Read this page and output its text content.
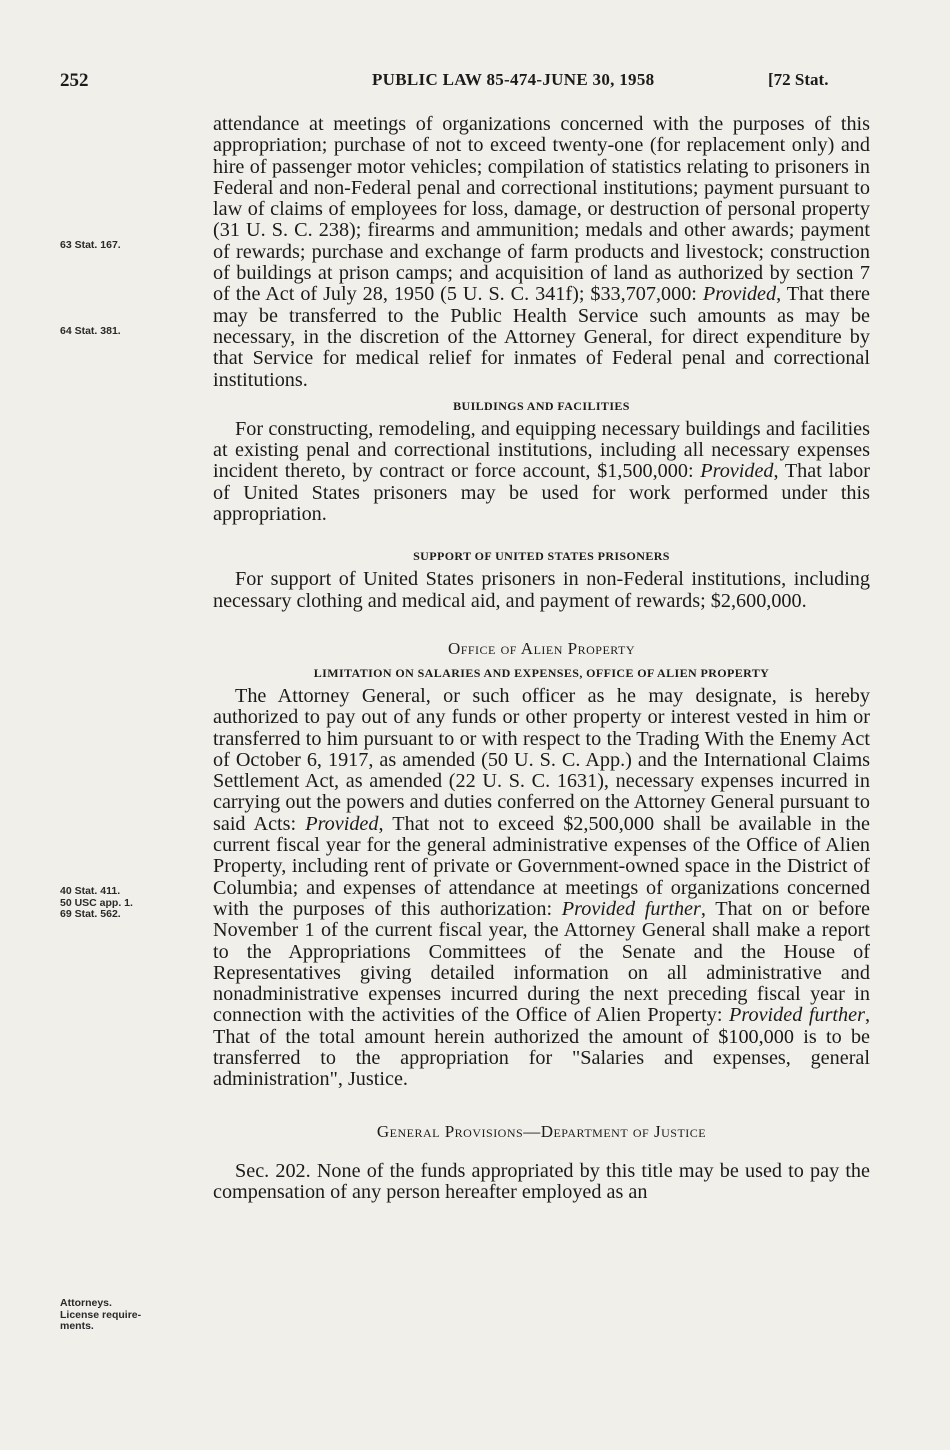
252	PUBLIC LAW 85-474-JUNE 30, 1958	[72 Stat.
63 Stat. 167.
64 Stat. 381.
40 Stat. 411.
50 USC app. 1.
69 Stat. 562.
Attorneys.
License require-
ments.

attendance at meetings of organizations concerned with the purposes of this appropriation; purchase of not to exceed twenty-one (for replacement only) and hire of passenger motor vehicles; compilation of statistics relating to prisoners in Federal and non-Federal penal and correctional institutions; payment pursuant to law of claims of employees for loss, damage, or destruction of personal property (31 U. S. C. 238); firearms and ammunition; medals and other awards; payment of rewards; purchase and exchange of farm products and livestock; construction of buildings at prison camps; and acquisition of land as authorized by section 7 of the Act of July 28, 1950 (5 U. S. C. 341f); $33,707,000: Provided, That there may be transferred to the Public Health Service such amounts as may be necessary, in the discretion of the Attorney General, for direct expenditure by that Service for medical relief for inmates of Federal penal and correctional institutions.

BUILDINGS AND FACILITIES

For constructing, remodeling, and equipping necessary buildings and facilities at existing penal and correctional institutions, including all necessary expenses incident thereto, by contract or force account, $1,500,000: Provided, That labor of United States prisoners may be used for work performed under this appropriation.

SUPPORT OF UNITED STATES PRISONERS

For support of United States prisoners in non-Federal institutions, including necessary clothing and medical aid, and payment of rewards; $2,600,000.

Office of Alien Property
LIMITATION ON SALARIES AND EXPENSES, OFFICE OF ALIEN PROPERTY

The Attorney General, or such officer as he may designate, is hereby authorized to pay out of any funds or other property or interest vested in him or transferred to him pursuant to or with respect to the Trading With the Enemy Act of October 6, 1917, as amended (50 U. S. C. App.) and the International Claims Settlement Act, as amended (22 U. S. C. 1631), necessary expenses incurred in carrying out the powers and duties conferred on the Attorney General pursuant to said Acts: Provided, That not to exceed $2,500,000 shall be available in the current fiscal year for the general administrative expenses of the Office of Alien Property, including rent of private or Government-owned space in the District of Columbia; and expenses of attendance at meetings of organizations concerned with the purposes of this authorization: Provided further, That on or before November 1 of the current fiscal year, the Attorney General shall make a report to the Appropriations Committees of the Senate and the House of Representatives giving detailed information on all administrative and nonadministrative expenses incurred during the next preceding fiscal year in connection with the activities of the Office of Alien Property: Provided further, That of the total amount herein authorized the amount of $100,000 is to be transferred to the appropriation for "Salaries and expenses, general administration", Justice.

General Provisions—Department of Justice

Sec. 202. None of the funds appropriated by this title may be used to pay the compensation of any person hereafter employed as an
